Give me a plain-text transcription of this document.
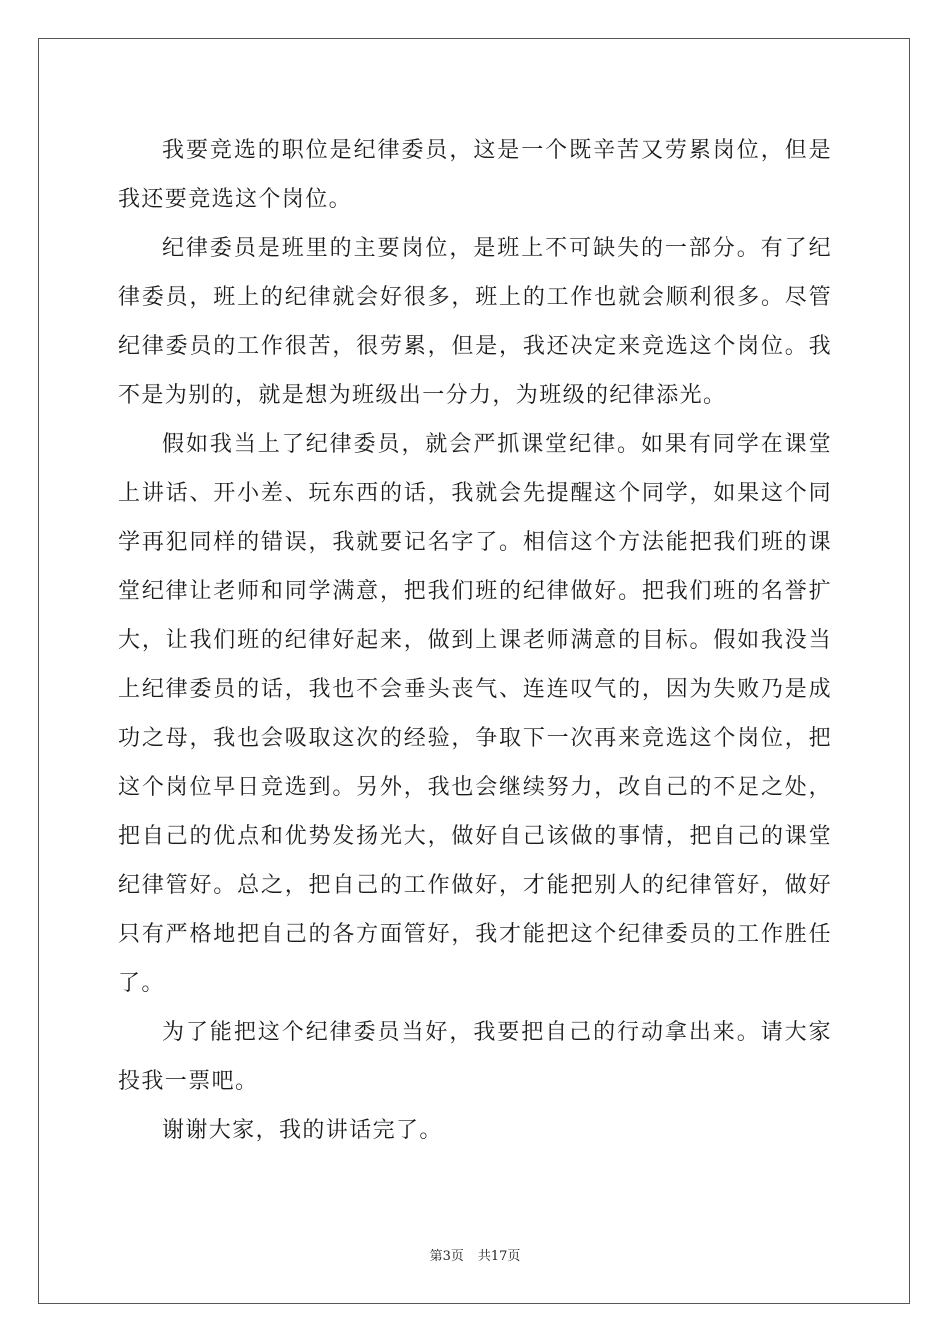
我要竞选的职位是纪律委员，这是一个既辛苦又劳累岗位，但是我还要竞选这个岗位。

纪律委员是班里的主要岗位，是班上不可缺失的一部分。有了纪律委员，班上的纪律就会好很多，班上的工作也就会顺利很多。尽管纪律委员的工作很苦，很劳累，但是，我还决定来竞选这个岗位。我不是为别的，就是想为班级出一分力，为班级的纪律添光。

假如我当上了纪律委员，就会严抓课堂纪律。如果有同学在课堂上讲话、开小差、玩东西的话，我就会先提醒这个同学，如果这个同学再犯同样的错误，我就要记名字了。相信这个方法能把我们班的课堂纪律让老师和同学满意，把我们班的纪律做好。把我们班的名誉扩大，让我们班的纪律好起来，做到上课老师满意的目标。假如我没当上纪律委员的话，我也不会垂头丧气、连连叹气的，因为失败乃是成功之母，我也会吸取这次的经验，争取下一次再来竞选这个岗位，把这个岗位早日竞选到。另外，我也会继续努力，改自己的不足之处，把自己的优点和优势发扬光大，做好自己该做的事情，把自己的课堂纪律管好。总之，把自己的工作做好，才能把别人的纪律管好，做好只有严格地把自己的各方面管好，我才能把这个纪律委员的工作胜任了。

为了能把这个纪律委员当好，我要把自己的行动拿出来。请大家投我一票吧。

谢谢大家，我的讲话完了。

第3页 共17页
